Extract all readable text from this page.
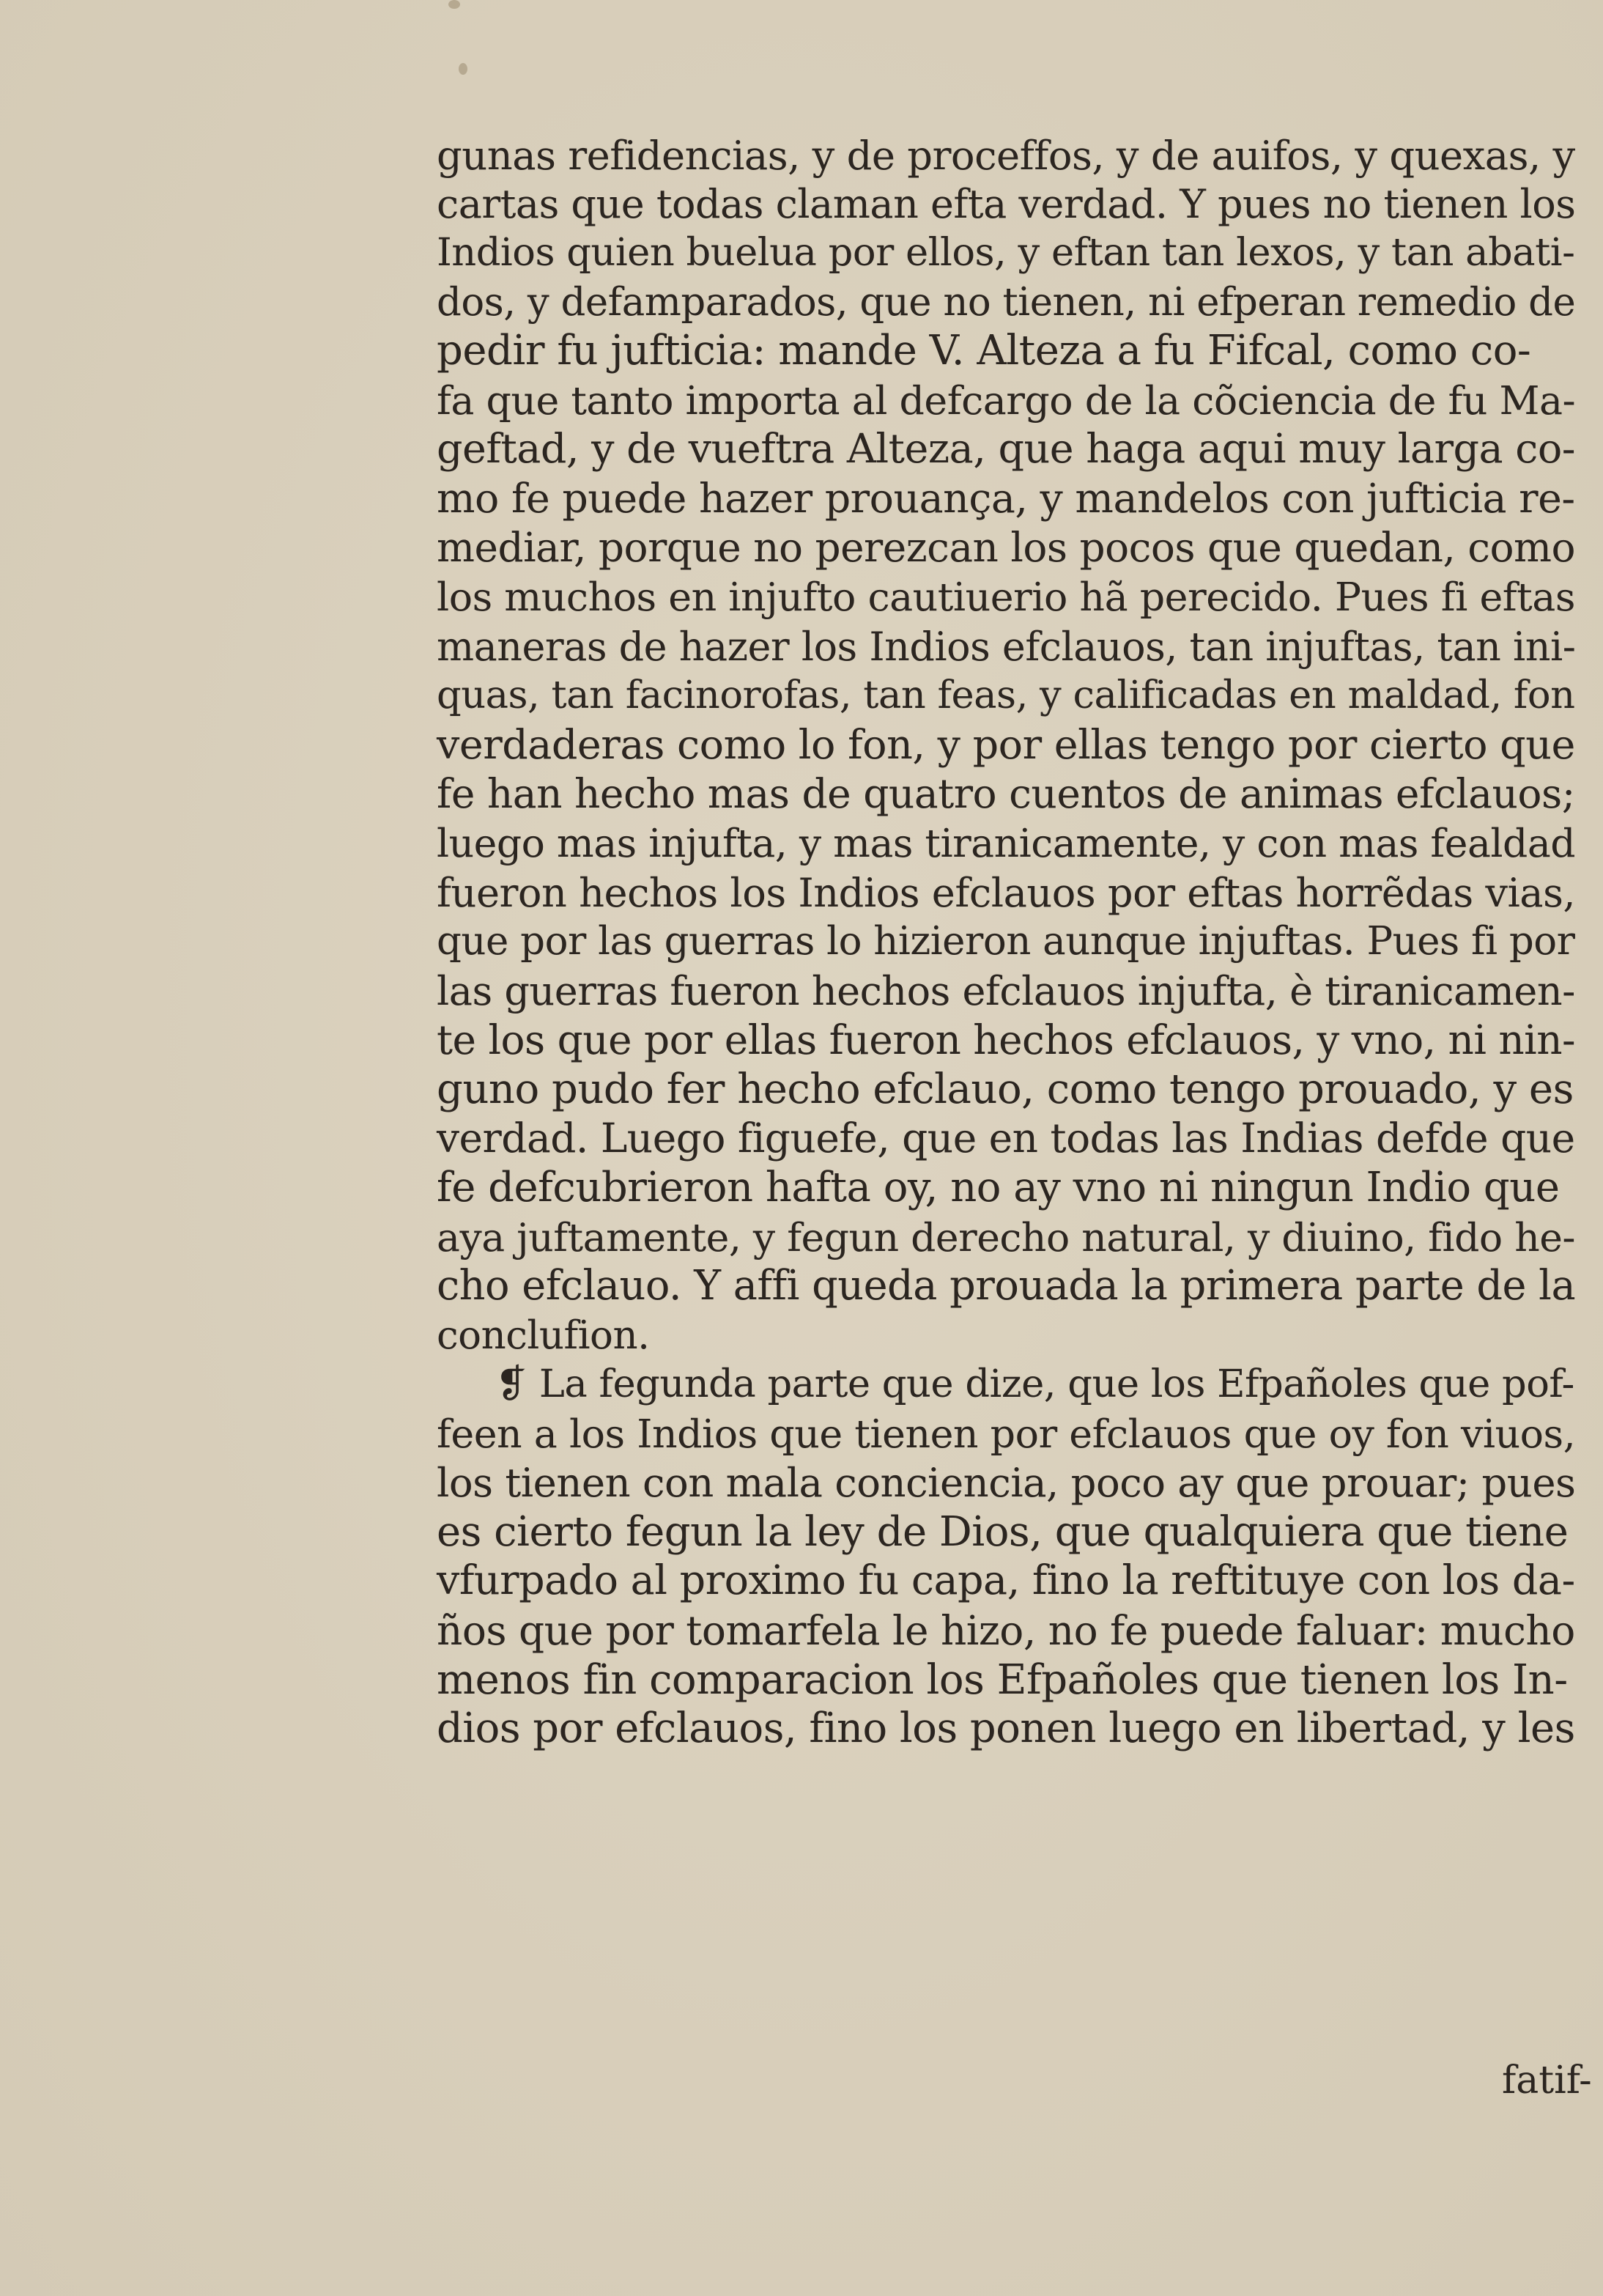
gunas refidencias, y de proceffos, y de auifos, y quexas, y
cartas que todas claman efta verdad. Y pues no tienen los
Indios quien buelua por ellos, y eftan tan lexos, y tan abati-
dos, y defamparados, que no tienen, ni efperan remedio de
pedir fu jufticia: mande V. Alteza a fu Fifcal, como co-
fa que tanto importa al defcargo de la cõciencia de fu Ma-
geftad, y de vueftra Alteza, que haga aqui muy larga co-
mo fe puede hazer prouança, y mandelos con jufticia re-
mediar, porque no perezcan los pocos que quedan, como
los muchos en injufto cautiuerio hã perecido. Pues fi eftas
maneras de hazer los Indios efclauos, tan injuftas, tan ini-
quas, tan facinorofas, tan feas, y calificadas en maldad, fon
verdaderas como lo fon, y por ellas tengo por cierto que
fe han hecho mas de quatro cuentos de animas efclauos;
luego mas injufta, y mas tiranicamente, y con mas fealdad
fueron hechos los Indios efclauos por eftas horrẽdas vias,
que por las guerras lo hizieron aunque injuftas. Pues fi por
las guerras fueron hechos efclauos injufta, è tiranicamen-
te los que por ellas fueron hechos efclauos, y vno, ni nin-
guno pudo fer hecho efclauo, como tengo prouado, y es
verdad. Luego figuefe, que en todas las Indias defde que
fe defcubrieron hafta oy, no ay vno ni ningun Indio que
aya juftamente, y fegun derecho natural, y diuino, fido he-
cho efclauo. Y affi queda prouada la primera parte de la
conclufion.
❡ La fegunda parte que dize, que los Efpañoles que pof-
feen a los Indios que tienen por efclauos que oy fon viuos,
los tienen con mala conciencia, poco ay que prouar; pues
es cierto fegun la ley de Dios, que qualquiera que tiene
vfurpado al proximo fu capa, fino la reftituye con los da-
ños que por tomarfela le hizo, no fe puede faluar: mucho
menos fin comparacion los Efpañoles que tienen los In-
dios por efclauos, fino los ponen luego en libertad, y les
fatif-
